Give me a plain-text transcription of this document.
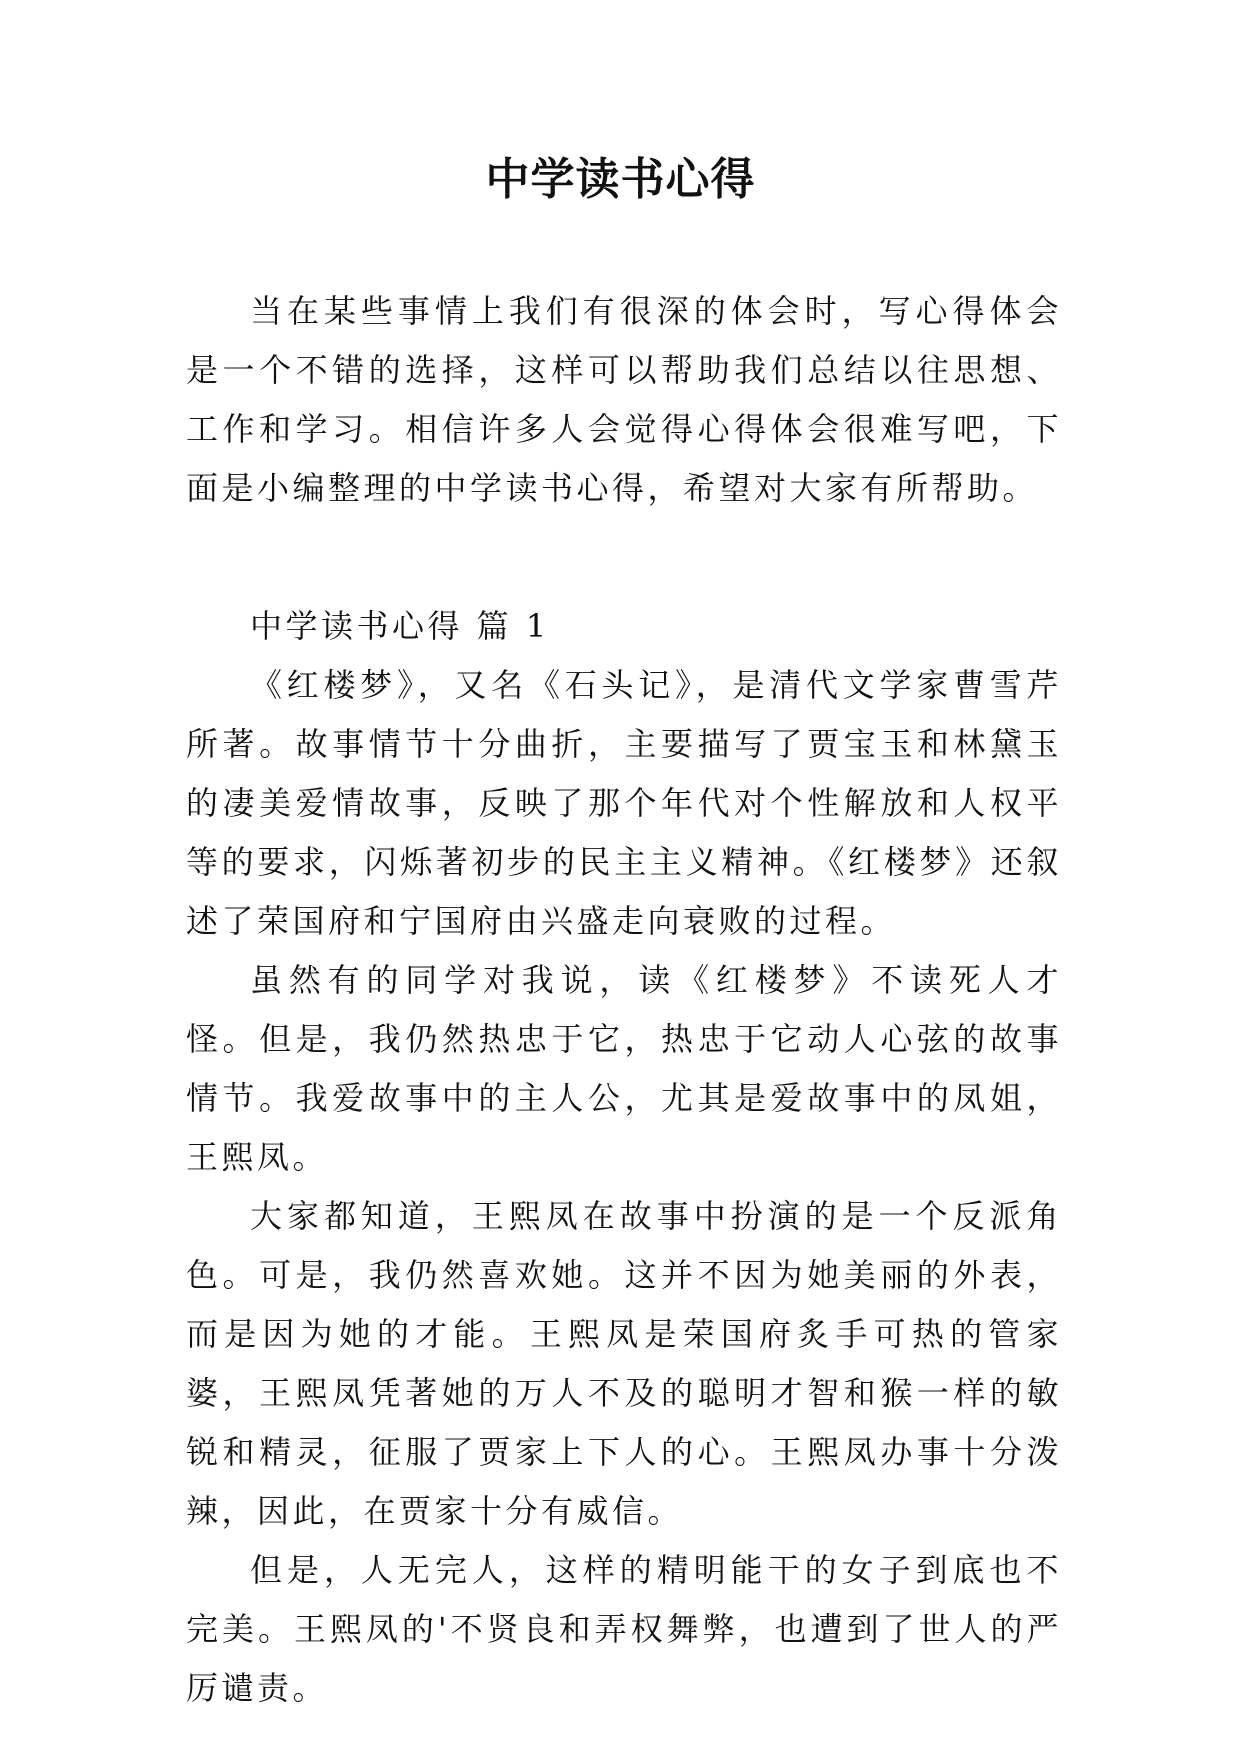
中学读书心得

当在某些事情上我们有很深的体会时，写心得体会是一个不错的选择，这样可以帮助我们总结以往思想、工作和学习。相信许多人会觉得心得体会很难写吧，下面是小编整理的中学读书心得，希望对大家有所帮助。

中学读书心得 篇 1

《红楼梦》，又名《石头记》，是清代文学家曹雪芹所著。故事情节十分曲折，主要描写了贾宝玉和林黛玉的凄美爱情故事，反映了那个年代对个性解放和人权平等的要求，闪烁著初步的民主主义精神。《红楼梦》还叙述了荣国府和宁国府由兴盛走向衰败的过程。

虽然有的同学对我说，读《红楼梦》不读死人才怪。但是，我仍然热忠于它，热忠于它动人心弦的故事情节。我爱故事中的主人公，尤其是爱故事中的凤姐，王熙凤。

大家都知道，王熙凤在故事中扮演的是一个反派角色。可是，我仍然喜欢她。这并不因为她美丽的外表，而是因为她的才能。王熙凤是荣国府炙手可热的管家婆，王熙凤凭著她的万人不及的聪明才智和猴一样的敏锐和精灵，征服了贾家上下人的心。王熙凤办事十分泼辣，因此，在贾家十分有威信。

但是，人无完人，这样的精明能干的女子到底也不完美。王熙凤的'不贤良和弄权舞弊，也遭到了世人的严厉谴责。
